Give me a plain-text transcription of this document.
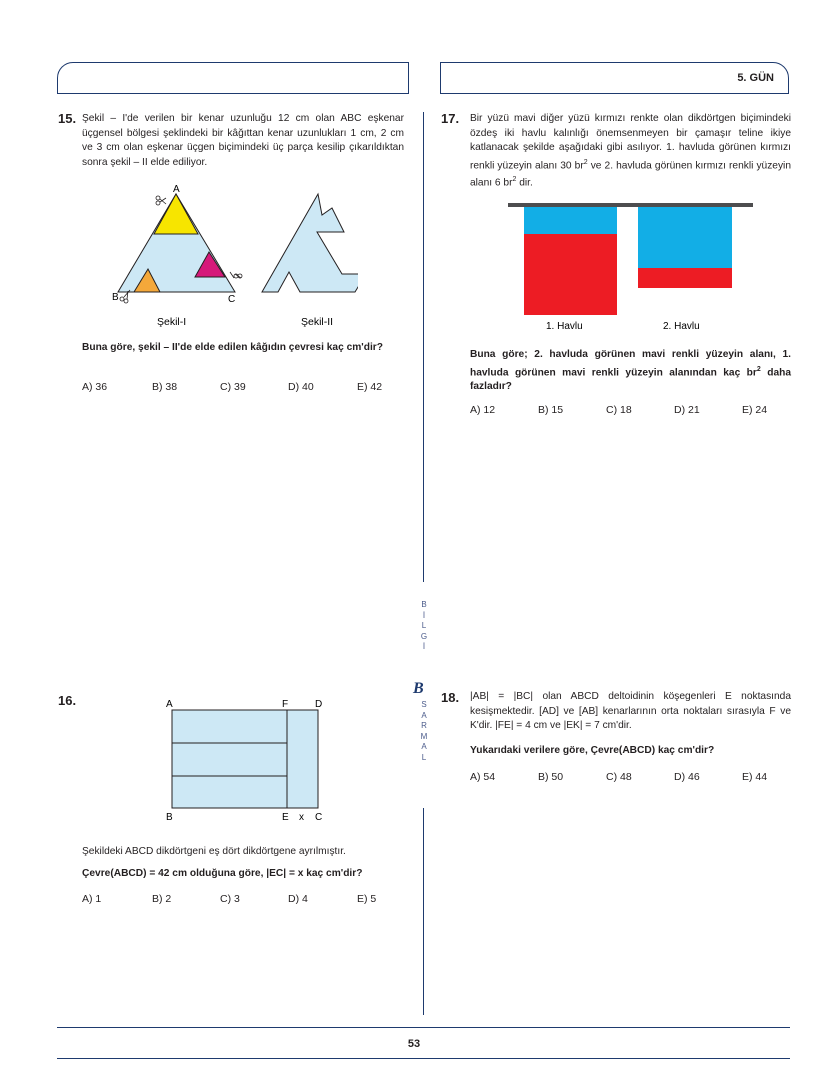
5. GÜN
B
İ
L
G
İ
B
S
A
R
M
A
L
15. Şekil – I'de verilen bir kenar uzunluğu 12 cm olan ABC eşkenar üçgensel bölgesi şeklindeki bir kâğıttan kenar uzunlukları 1 cm, 2 cm ve 3 cm olan eşkenar üçgen biçimindeki üç parça kesilip çıkarıldıktan sonra şekil – II elde ediliyor.
A
B	C
Şekil-I	Şekil-II
Buna göre, şekil – II'de elde edilen kâğıdın çevresi kaç cm'dir?
A) 36	B) 38	C) 39	D) 40	E) 42
16.	A	F	D
B	E x C
Şekildeki ABCD dikdörtgeni eş dört dikdörtgene ayrılmıştır.
Çevre(ABCD) = 42 cm olduğuna göre, |EC| = x kaç cm'dir?
A) 1	B) 2	C) 3	D) 4	E) 5
17. Bir yüzü mavi diğer yüzü kırmızı renkte olan dikdörtgen biçimindeki özdeş iki havlu kalınlığı önemsenmeyen bir çamaşır teline ikiye katlanacak şekilde aşağıdaki gibi asılıyor. 1. havluda görünen kırmızı renkli yüzeyin alanı 30 $br^2$ ve 2. havluda görünen kırmızı renkli yüzeyin alanı 6 $br^2$ dir.
1. Havlu	2. Havlu
Buna göre; 2. havluda görünen mavi renkli yüzeyin alanı, 1. havluda görünen mavi renkli yüzeyin alanından kaç $br^2$ daha fazladır?
A) 12	B) 15	C) 18	D) 21	E) 24
18. |AB| = |BC| olan ABCD deltoidinin köşegenleri E noktasında kesişmektedir. [AD] ve [AB] kenarlarının orta noktaları sırasıyla F ve K'dir. |FE| = 4 cm ve |EK| = 7 cm'dir.
Yukarıdaki verilere göre, Çevre(ABCD) kaç cm'dir?
A) 54	B) 50	C) 48	D) 46	E) 44
53
